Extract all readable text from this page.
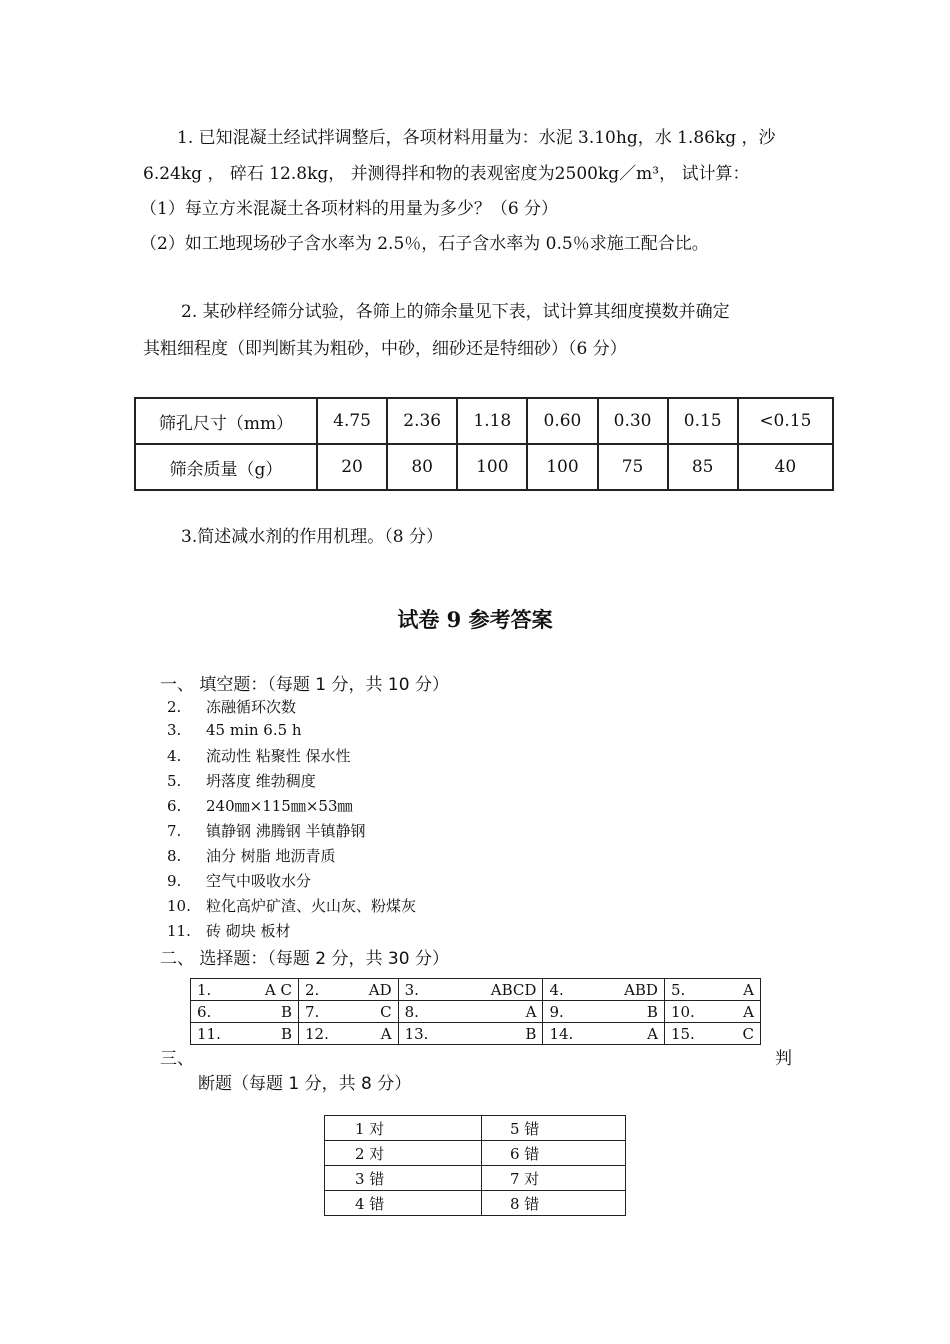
1. 已知混凝土经试拌调整后，各项材料用量为：水泥 3.10hg，水 1.86kg ，沙
6.24kg ， 碎石 12.8kg， 并测得拌和物的表观密度为2500kg／m³， 试计算：
（1）每立方米混凝土各项材料的用量为多少？（6 分）
（2）如工地现场砂子含水率为 2.5％，石子含水率为 0.5％求施工配合比。
2. 某砂样经筛分试验，各筛上的筛余量见下表，试计算其细度摸数并确定
其粗细程度（即判断其为粗砂，中砂，细砂还是特细砂）（6 分）
筛孔尺寸（mm）	4.75	2.36	1.18	0.60	0.30	0.15	<0.15
筛余质量（g）	20	80	100	100	75	85	40
3.简述减水剂的作用机理。（8 分）
试卷 9 参考答案
一、 填空题：（每题 1 分，共 10 分）
2. 冻融循环次数
3. 45 min 6.5 h
4. 流动性 粘聚性 保水性
5. 坍落度 维勃稠度
6. 240㎜×115㎜×53㎜
7. 镇静钢 沸腾钢 半镇静钢
8. 油分 树脂 地沥青质
9. 空气中吸收水分
10. 粒化高炉矿渣、火山灰、粉煤灰
11. 砖 砌块 板材
二、 选择题：（每题 2 分，共 30 分）
1. A C	2. AD	3. ABCD	4. ABD	5. A

6. B	7. C	8. A	9. B	10. A

11. B	12. A	13. B	14. A	15. C
三、	判
断题（每题 1 分，共 8 分）
1 对	5 错
2 对	6 错
3 错	7 对
4 错	8 错
